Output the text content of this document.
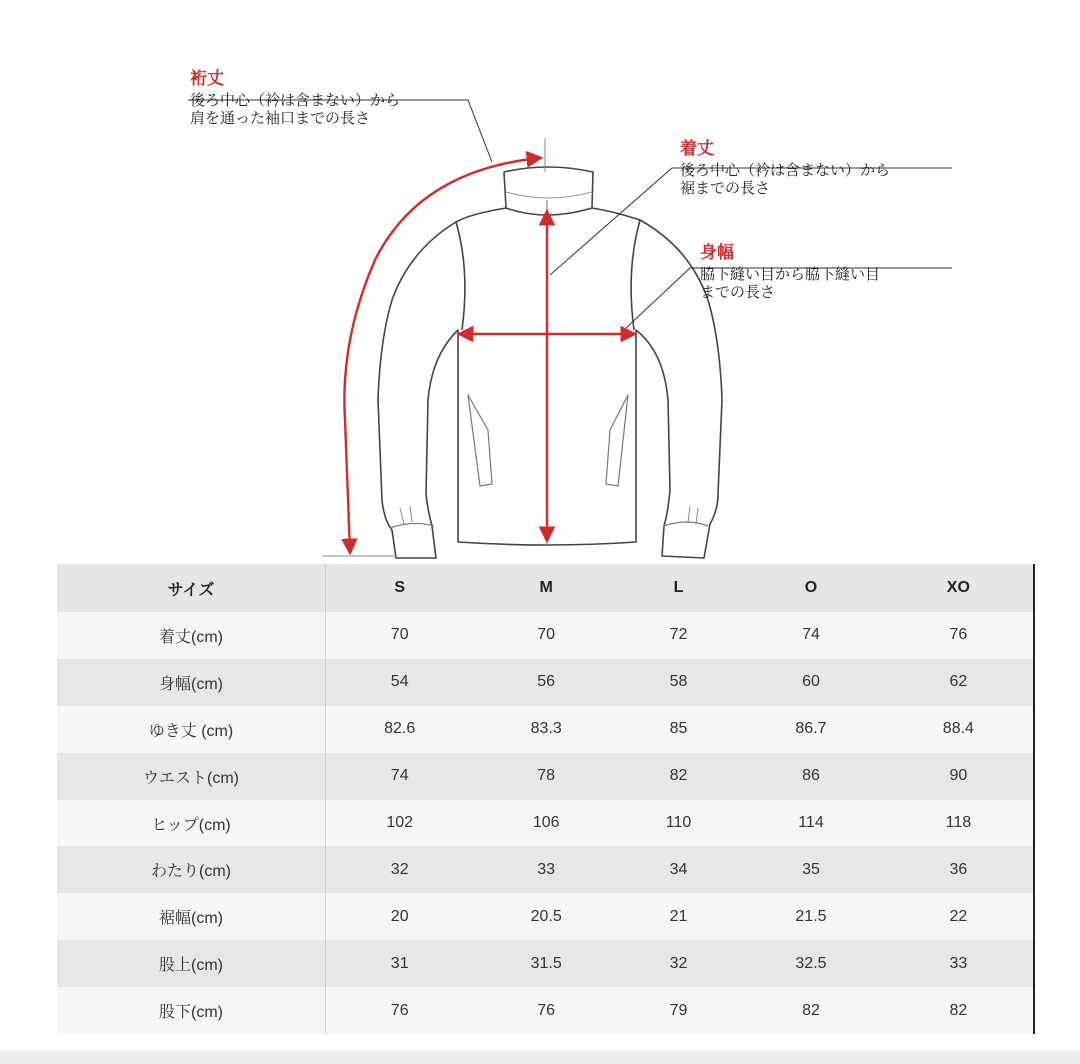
裄丈
後ろ中心（衿は含まない）から
肩を通った袖口までの長さ
着丈
後ろ中心（衿は含まない）から
裾までの長さ
身幅
脇下縫い目から脇下縫い目
までの長さ
サイズ	S	M	L	O	XO
着丈(cm)	70	70	72	74	76
身幅(cm)	54	56	58	60	62
ゆき丈 (cm)	82.6	83.3	85	86.7	88.4
ウエスト(cm)	74	78	82	86	90
ヒップ(cm)	102	106	110	114	118
わたり(cm)	32	33	34	35	36
裾幅(cm)	20	20.5	21	21.5	22
股上(cm)	31	31.5	32	32.5	33
股下(cm)	76	76	79	82	82
